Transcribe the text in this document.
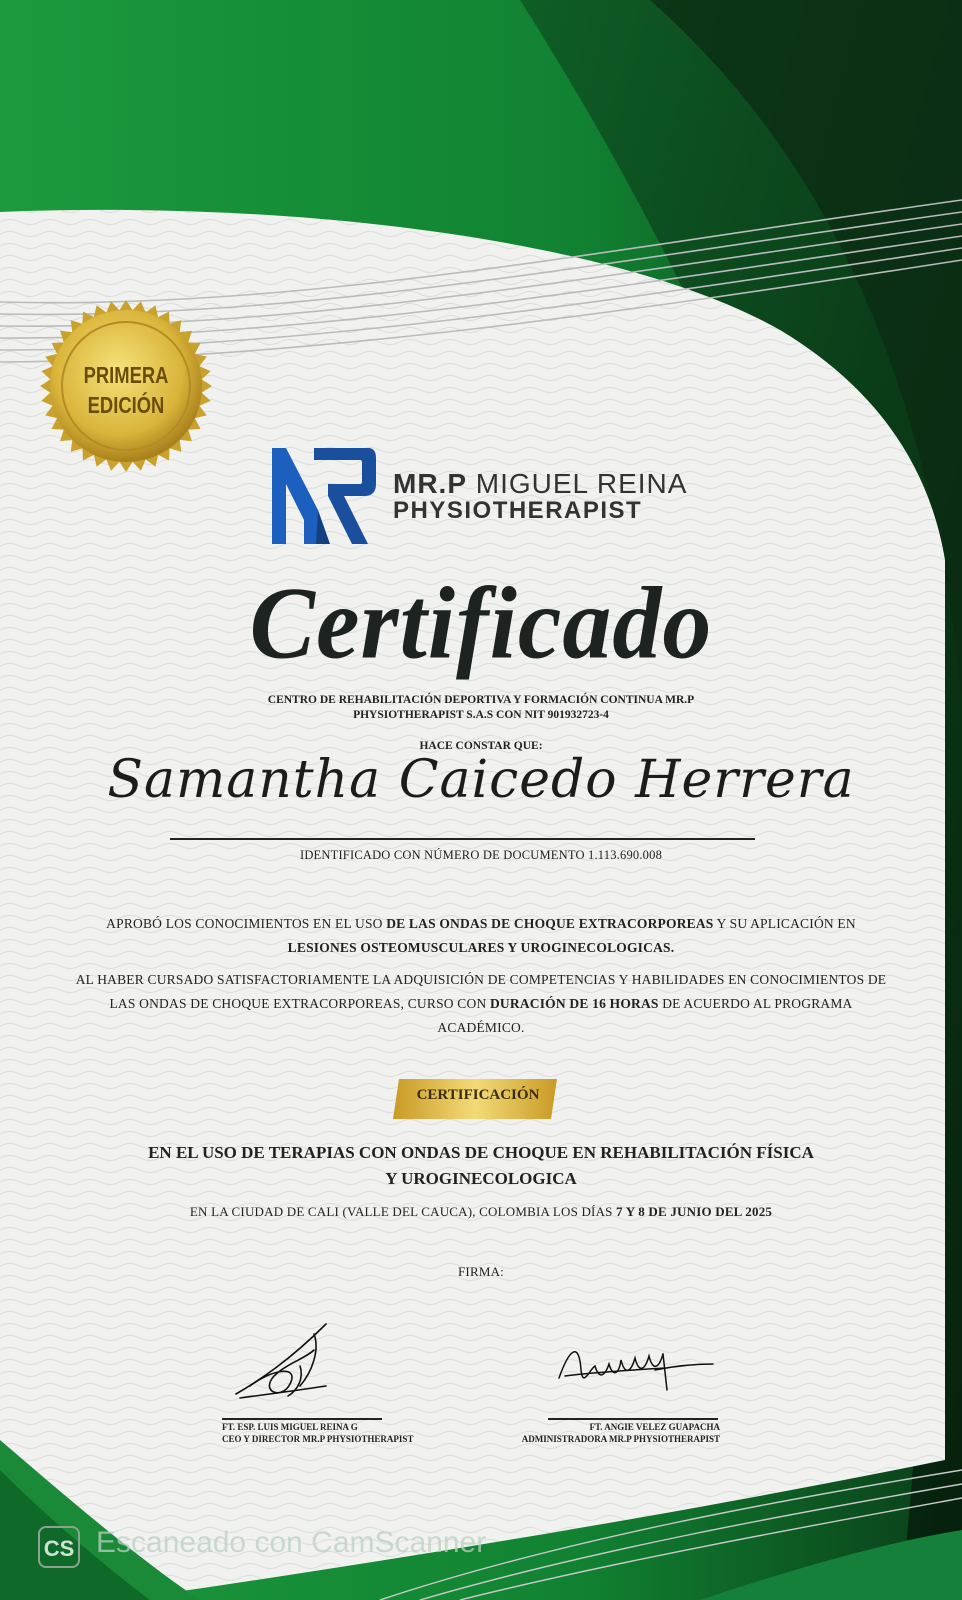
PRIMERA
EDICIÓN
MR.P MIGUEL REINA
PHYSIOTHERAPIST
Certificado
CENTRO DE REHABILITACIÓN DEPORTIVA Y FORMACIÓN CONTINUA MR.P
PHYSIOTHERAPIST S.A.S CON NIT 901932723-4
HACE CONSTAR QUE:
Samantha Caicedo Herrera
IDENTIFICADO CON NÚMERO DE DOCUMENTO 1.113.690.008
APROBÓ LOS CONOCIMIENTOS EN EL USO DE LAS ONDAS DE CHOQUE EXTRACORPOREAS Y SU APLICACIÓN EN
LESIONES OSTEOMUSCULARES Y UROGINECOLOGICAS.
AL HABER CURSADO SATISFACTORIAMENTE LA ADQUISICIÓN DE COMPETENCIAS Y HABILIDADES EN CONOCIMIENTOS DE
LAS ONDAS DE CHOQUE EXTRACORPOREAS, CURSO CON DURACIÓN DE 16 HORAS DE ACUERDO AL PROGRAMA
ACADÉMICO.
CERTIFICACIÓN
EN EL USO DE TERAPIAS CON ONDAS DE CHOQUE EN REHABILITACIÓN FÍSICA
Y UROGINECOLOGICA
EN LA CIUDAD DE CALI (VALLE DEL CAUCA), COLOMBIA LOS DÍAS 7 Y 8 DE JUNIO DEL 2025
FIRMA:
FT. ESP. LUIS MIGUEL REINA G
CEO Y DIRECTOR MR.P PHYSIOTHERAPIST
FT. ANGIE VELEZ GUAPACHA
ADMINISTRADORA MR.P PHYSIOTHERAPIST
CS Escaneado con CamScanner
